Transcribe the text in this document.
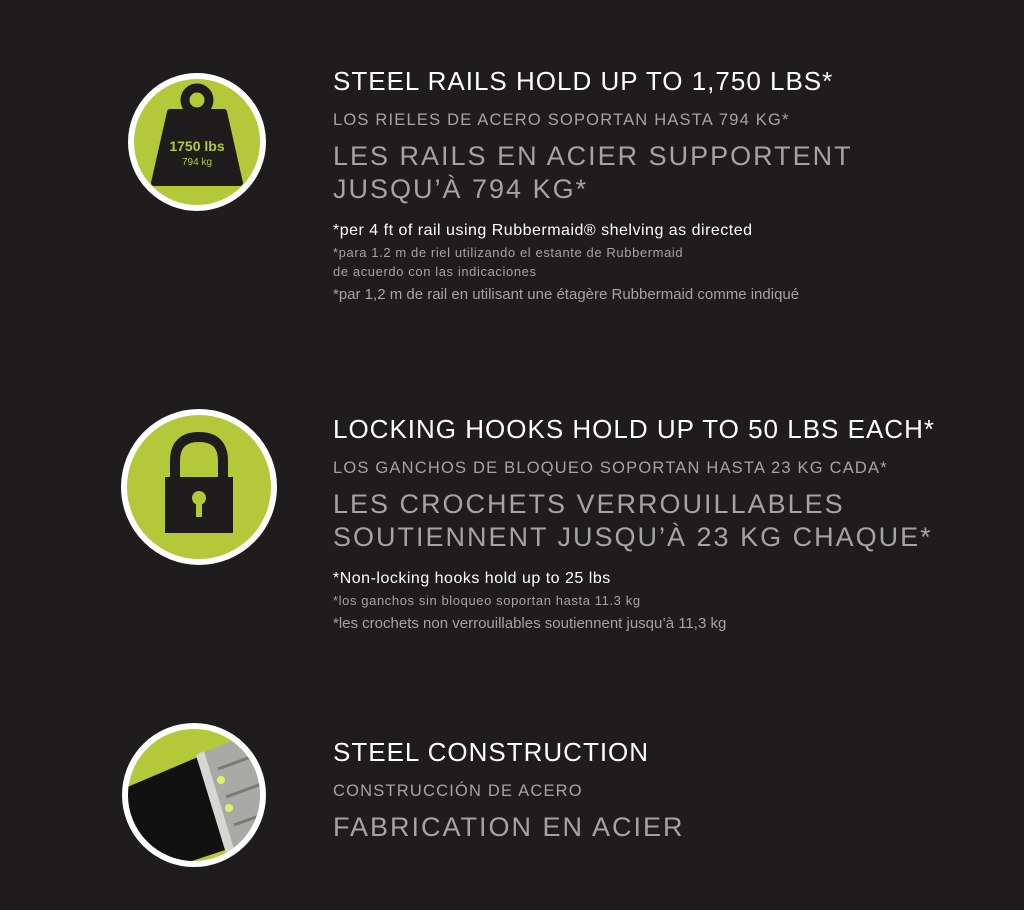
1750 lbs
794 kg
STEEL RAILS HOLD UP TO 1,750 LBS*
LOS RIELES DE ACERO SOPORTAN HASTA 794 KG*
LES RAILS EN ACIER SUPPORTENT
JUSQU’À 794 KG*
*per 4 ft of rail using Rubbermaid® shelving as directed
*para 1.2 m de riel utilizando el estante de Rubbermaid
de acuerdo con las indicaciones
*par 1,2 m de rail en utilisant une étagère Rubbermaid comme indiqué
LOCKING HOOKS HOLD UP TO 50 LBS EACH*
LOS GANCHOS DE BLOQUEO SOPORTAN HASTA 23 KG CADA*
LES CROCHETS VERROUILLABLES
SOUTIENNENT JUSQU’À 23 KG CHAQUE*
*Non-locking hooks hold up to 25 lbs
*los ganchos sin bloqueo soportan hasta 11.3 kg
*les crochets non verrouillables soutiennent jusqu’à 11,3 kg
STEEL CONSTRUCTION
CONSTRUCCIÓN DE ACERO
FABRICATION EN ACIER
